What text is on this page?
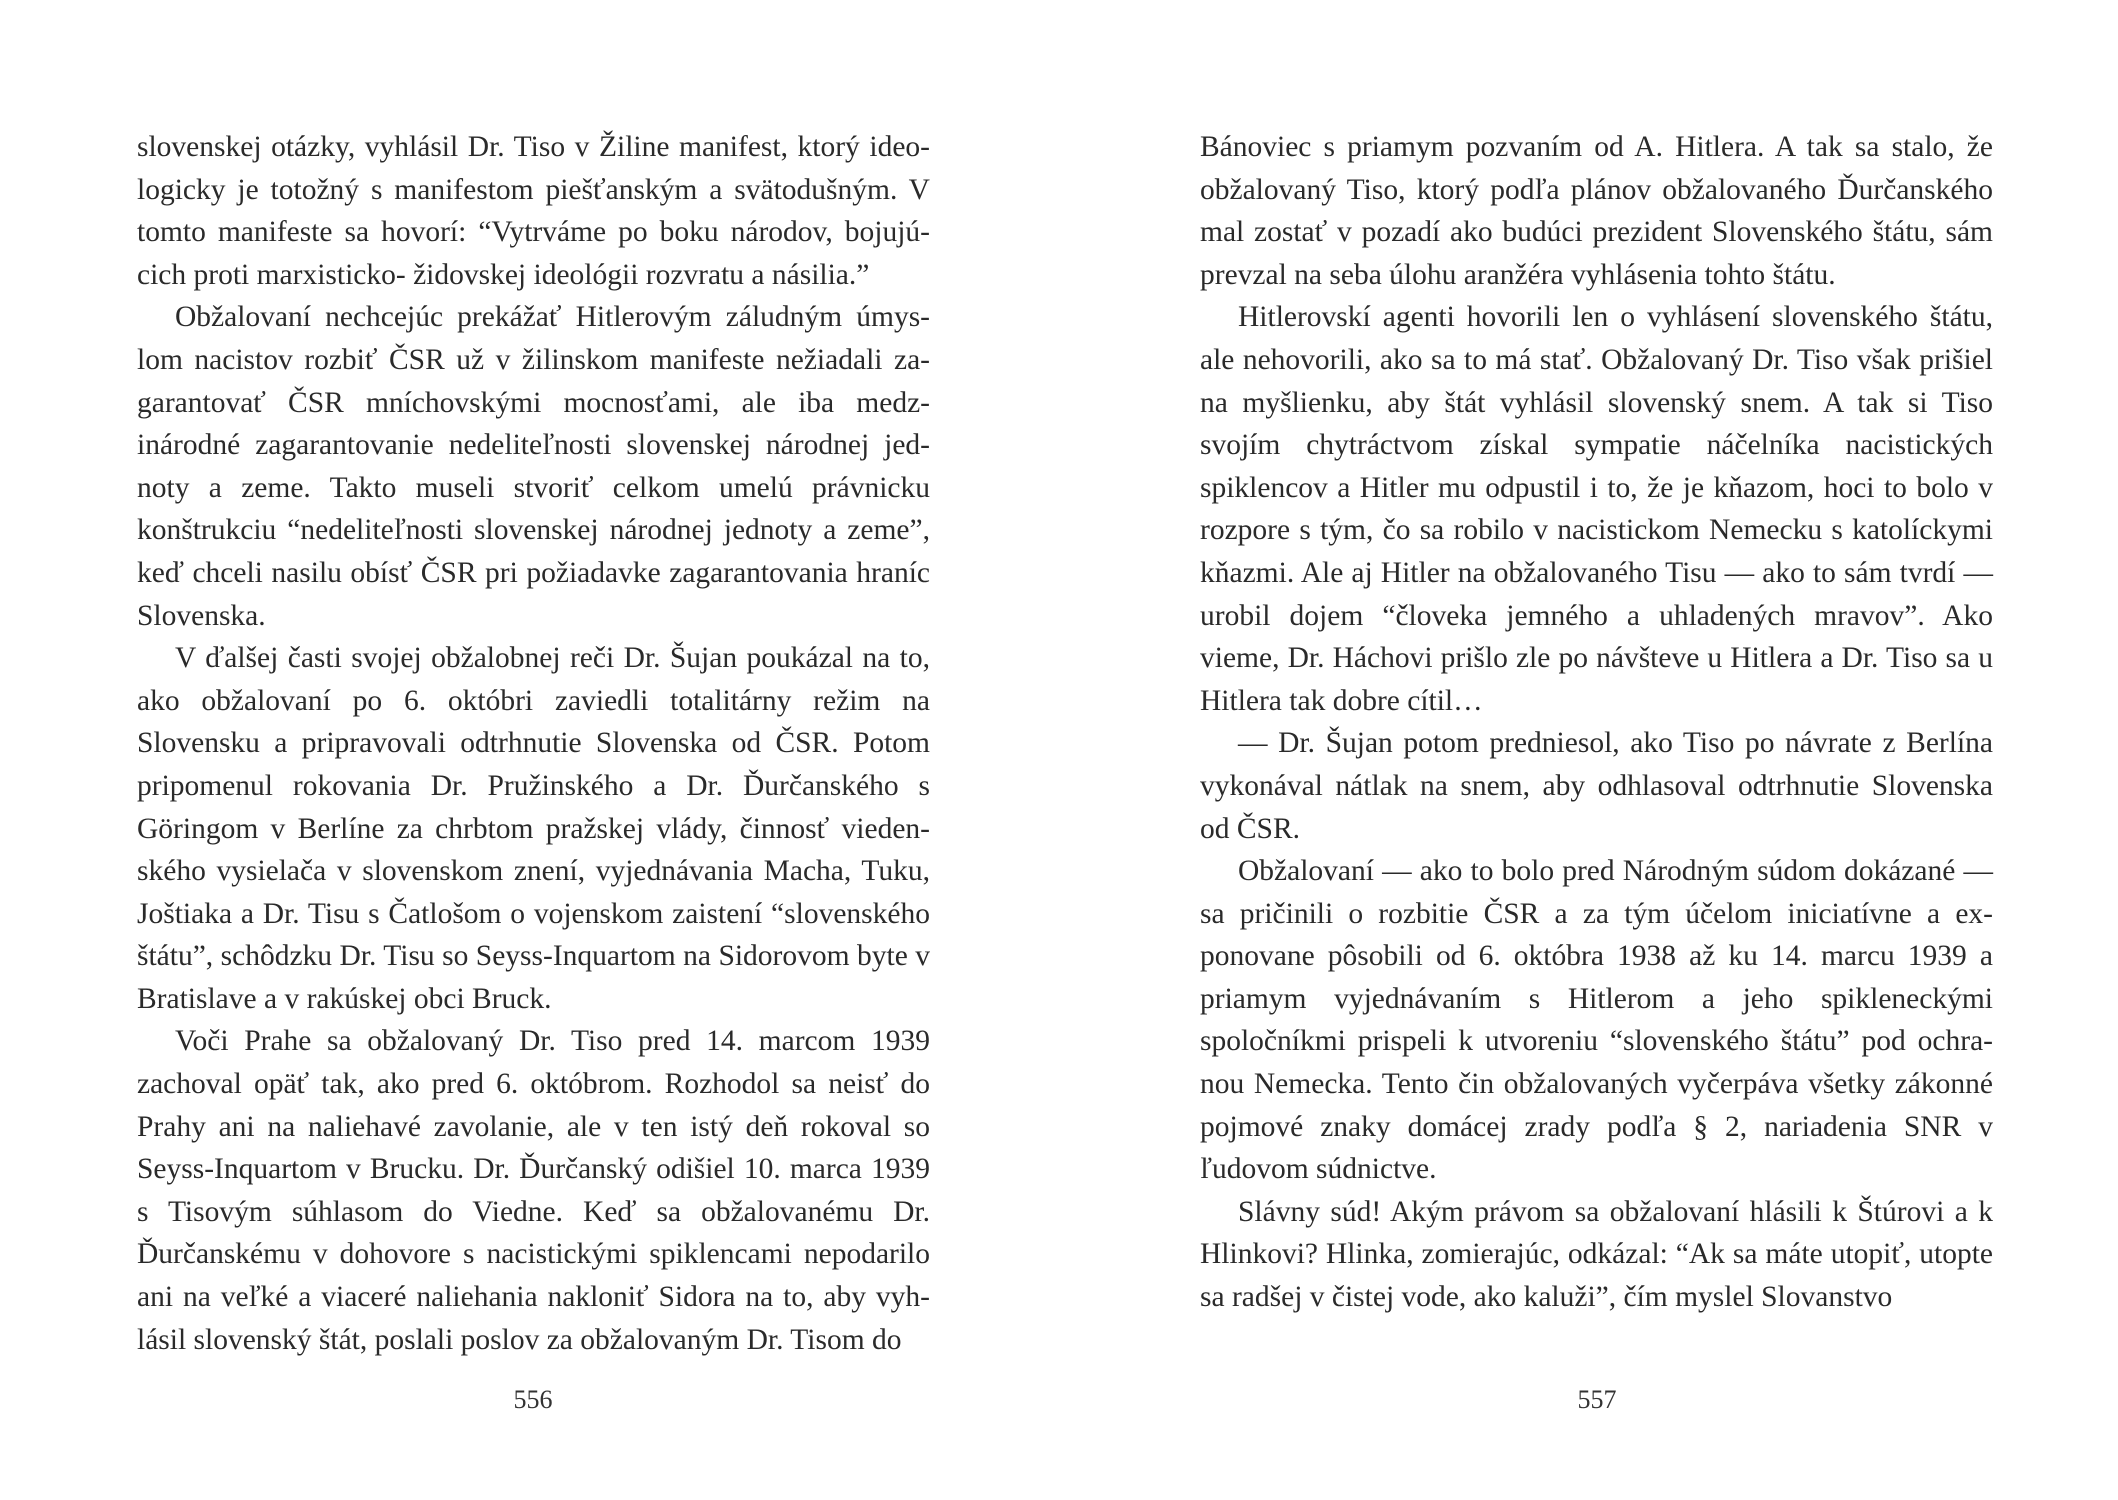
slovenskej otázky, vyhlásil Dr. Tiso v Žiline manifest, ktorý ideologicky je totožný s manifestom piešťanským a svätodušným. V tomto manifeste sa hovorí: “Vytrváme po boku národov, bojujúcich proti marxisticko- židovskej ideológii rozvratu a násilia.”

Obžalovaní nechcejúc prekážať Hitlerovým záludným úmyslom nacistov rozbiť ČSR už v žilinskom manifeste nežiadali zagarantovať ČSR mníchovskými mocnosťami, ale iba medzinárodné zagarantovanie nedeliteľnosti slovenskej národnej jednoty a zeme. Takto museli stvoriť celkom umelú právnicku konštrukciu “nedeliteľnosti slovenskej národnej jednoty a zeme”, keď chceli nasilu obísť ČSR pri požiadavke zagarantovania hraníc Slovenska.

V ďalšej časti svojej obžalobnej reči Dr. Šujan poukázal na to, ako obžalovaní po 6. októbri zaviedli totalitárny režim na Slovensku a pripravovali odtrhnutie Slovenska od ČSR. Potom pripomenul rokovania Dr. Pružinského a Dr. Ďurčanského s Göringom v Berlíne za chrbtom pražskej vlády, činnosť viedenského vysielača v slovenskom znení, vyjednávania Macha, Tuku, Joštiaka a Dr. Tisu s Čatlošom o vojenskom zaistení “slovenského štátu”, schôdzku Dr. Tisu so Seyss-Inquartom na Sidorovom byte v Bratislave a v rakúskej obci Bruck.

Voči Prahe sa obžalovaný Dr. Tiso pred 14. marcom 1939 zachoval opäť tak, ako pred 6. októbrom. Rozhodol sa neisť do Prahy ani na naliehavé zavolanie, ale v ten istý deň rokoval so Seyss-Inquartom v Brucku. Dr. Ďurčanský odišiel 10. marca 1939 s Tisovým súhlasom do Viedne. Keď sa obžalovanému Dr. Ďurčanskému v dohovore s nacistickými spiklencami nepodarilo ani na veľké a viaceré naliehania nakloniť Sidora na to, aby vyhlásil slovenský štát, poslali poslov za obžalovaným Dr. Tisom do

556

Bánoviec s priamym pozvaním od A. Hitlera. A tak sa stalo, že obžalovaný Tiso, ktorý podľa plánov obžalovaného Ďurčanského mal zostať v pozadí ako budúci prezident Slovenského štátu, sám prevzal na seba úlohu aranžéra vyhlásenia tohto štátu.

Hitlerovskí agenti hovorili len o vyhlásení slovenského štátu, ale nehovorili, ako sa to má stať. Obžalovaný Dr. Tiso však prišiel na myšlienku, aby štát vyhlásil slovenský snem. A tak si Tiso svojím chytráctvom získal sympatie náčelníka nacistických spiklencov a Hitler mu odpustil i to, že je kňazom, hoci to bolo v rozpore s tým, čo sa robilo v nacistickom Nemecku s katolíckymi kňazmi. Ale aj Hitler na obžalovaného Tisu — ako to sám tvrdí — urobil dojem “človeka jemného a uhladených mravov”. Ako vieme, Dr. Háchovi prišlo zle po návšteve u Hitlera a Dr. Tiso sa u Hitlera tak dobre cítil…

— Dr. Šujan potom predniesol, ako Tiso po návrate z Berlína vykonával nátlak na snem, aby odhlasoval odtrhnutie Slovenska od ČSR.

Obžalovaní — ako to bolo pred Národným súdom dokázané — sa pričinili o rozbitie ČSR a za tým účelom iniciatívne a exponovane pôsobili od 6. októbra 1938 až ku 14. marcu 1939 a priamym vyjednávaním s Hitlerom a jeho spikleneckými spoločníkmi prispeli k utvoreniu “slovenského štátu” pod ochranou Nemecka. Tento čin obžalovaných vyčerpáva všetky zákonné pojmové znaky domácej zrady podľa § 2, nariadenia SNR v ľudovom súdnictve.

Slávny súd! Akým právom sa obžalovaní hlásili k Štúrovi a k Hlinkovi? Hlinka, zomierajúc, odkázal: “Ak sa máte utopiť, utopte sa radšej v čistej vode, ako kaluži”, čím myslel Slovanstvo

557
